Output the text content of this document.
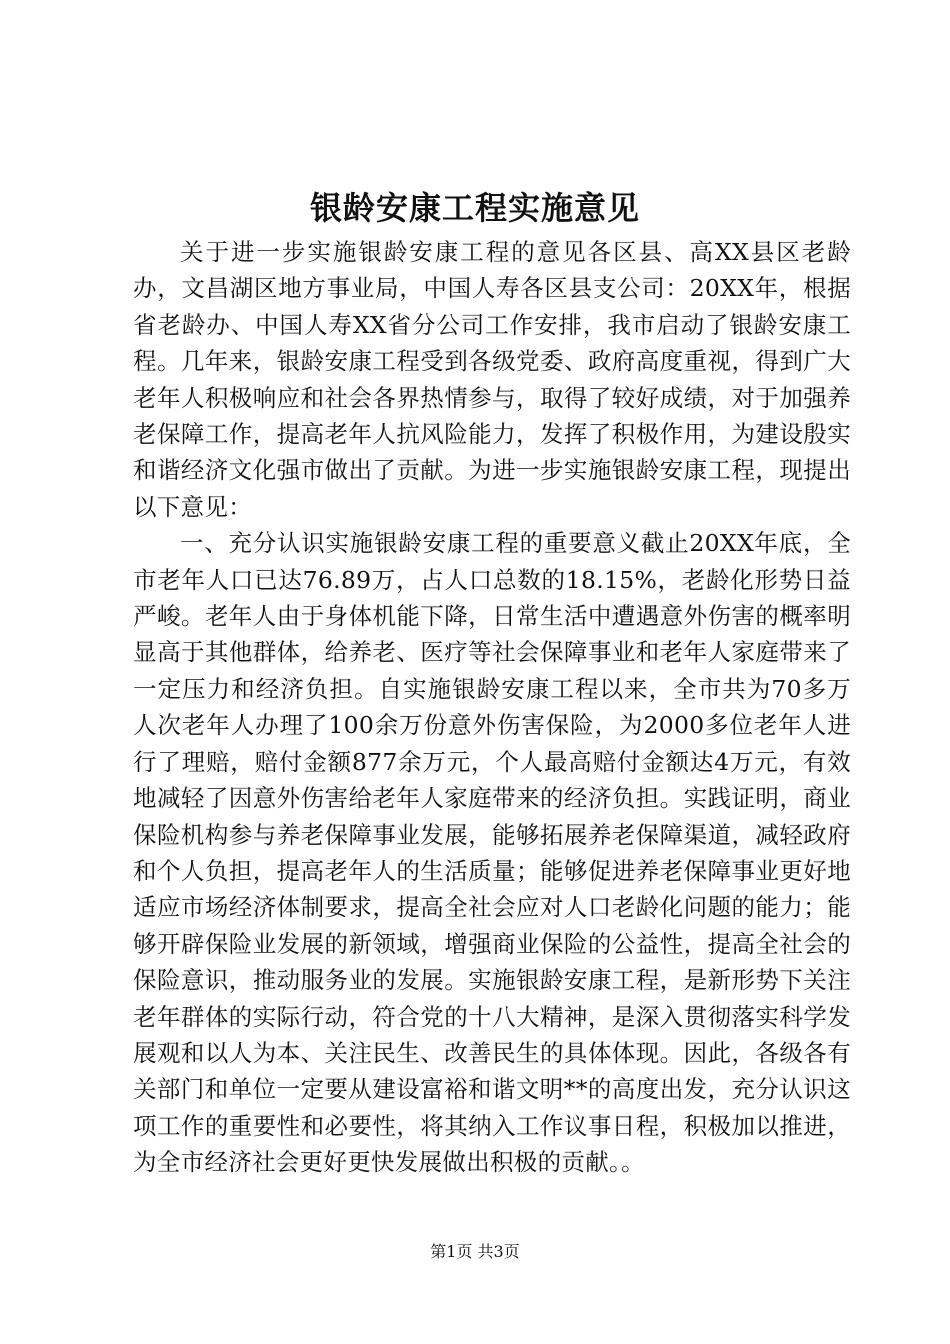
银龄安康工程实施意见

关于进一步实施银龄安康工程的意见各区县、高XX县区老龄办，文昌湖区地方事业局，中国人寿各区县支公司：20XX年，根据省老龄办、中国人寿XX省分公司工作安排，我市启动了银龄安康工程。几年来，银龄安康工程受到各级党委、政府高度重视，得到广大老年人积极响应和社会各界热情参与，取得了较好成绩，对于加强养老保障工作，提高老年人抗风险能力，发挥了积极作用，为建设殷实和谐经济文化强市做出了贡献。为进一步实施银龄安康工程，现提出以下意见：

一、充分认识实施银龄安康工程的重要意义截止20XX年底，全市老年人口已达76.89万，占人口总数的18.15%，老龄化形势日益严峻。老年人由于身体机能下降，日常生活中遭遇意外伤害的概率明显高于其他群体，给养老、医疗等社会保障事业和老年人家庭带来了一定压力和经济负担。自实施银龄安康工程以来，全市共为70多万人次老年人办理了100余万份意外伤害保险，为2000多位老年人进行了理赔，赔付金额877余万元，个人最高赔付金额达4万元，有效地减轻了因意外伤害给老年人家庭带来的经济负担。实践证明，商业保险机构参与养老保障事业发展，能够拓展养老保障渠道，减轻政府和个人负担，提高老年人的生活质量；能够促进养老保障事业更好地适应市场经济体制要求，提高全社会应对人口老龄化问题的能力；能够开辟保险业发展的新领域，增强商业保险的公益性，提高全社会的保险意识，推动服务业的发展。实施银龄安康工程，是新形势下关注老年群体的实际行动，符合党的十八大精神，是深入贯彻落实科学发展观和以人为本、关注民生、改善民生的具体体现。因此，各级各有关部门和单位一定要从建设富裕和谐文明**的高度出发，充分认识这项工作的重要性和必要性，将其纳入工作议事日程，积极加以推进，为全市经济社会更好更快发展做出积极的贡献。。

第1页 共3页
